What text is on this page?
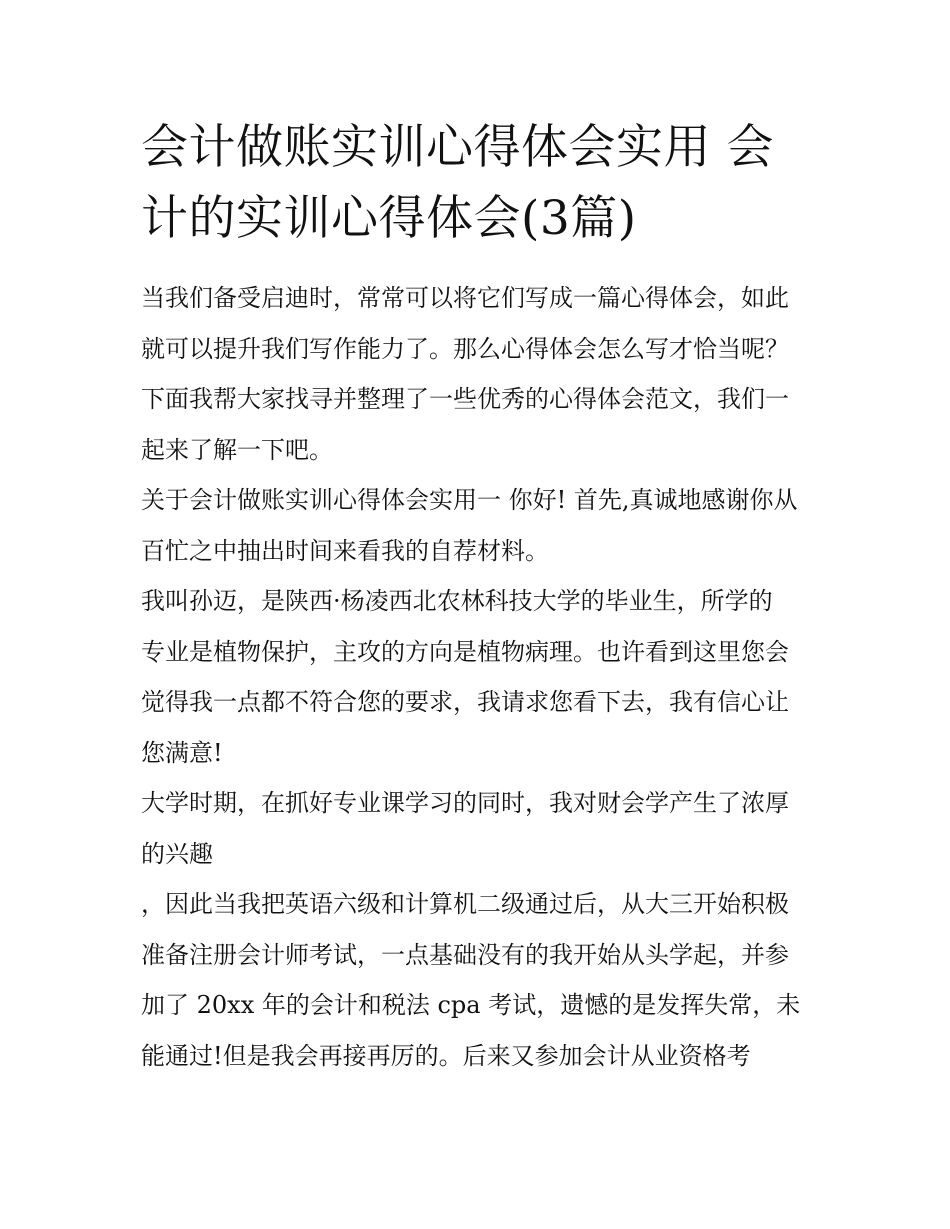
会计做账实训心得体会实用 会
计的实训心得体会(3篇)

当我们备受启迪时，常常可以将它们写成一篇心得体会，如此
就可以提升我们写作能力了。那么心得体会怎么写才恰当呢？
下面我帮大家找寻并整理了一些优秀的心得体会范文，我们一
起来了解一下吧。

关于会计做账实训心得体会实用一 你好! 首先,真诚地感谢你从
百忙之中抽出时间来看我的自荐材料。

我叫孙迈，是陕西·杨凌西北农林科技大学的毕业生，所学的
专业是植物保护，主攻的方向是植物病理。也许看到这里您会
觉得我一点都不符合您的要求，我请求您看下去，我有信心让
您满意!

大学时期，在抓好专业课学习的同时，我对财会学产生了浓厚
的兴趣

，因此当我把英语六级和计算机二级通过后，从大三开始积极
准备注册会计师考试，一点基础没有的我开始从头学起，并参
加了 20xx 年的会计和税法 cpa 考试，遗憾的是发挥失常，未
能通过!但是我会再接再厉的。后来又参加会计从业资格考
